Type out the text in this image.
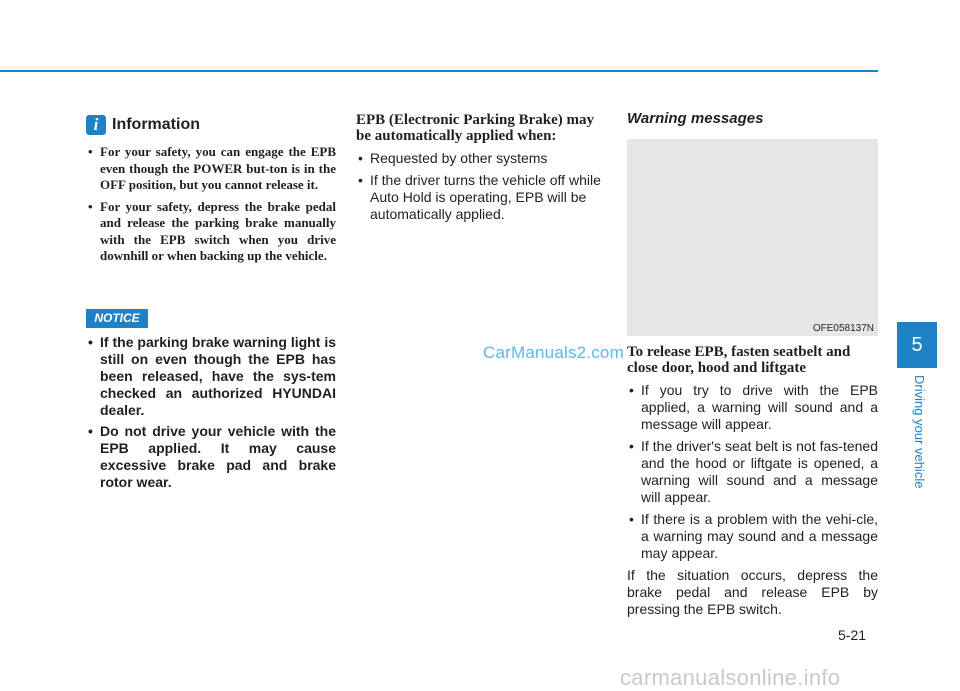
i Information
• For your safety, you can engage the EPB even though the POWER but-ton is in the OFF position, but you cannot release it.
• For your safety, depress the brake pedal and release the parking brake manually with the EPB switch when you drive downhill or when backing up the vehicle.
NOTICE
• If the parking brake warning light is still on even though the EPB has been released, have the sys-tem checked an authorized HYUNDAI dealer.
• Do not drive your vehicle with the EPB applied. It may cause excessive brake pad and brake rotor wear.
EPB (Electronic Parking Brake) may be automatically applied when:
• Requested by other systems
• If the driver turns the vehicle off while Auto Hold is operating, EPB will be automatically applied.
CarManuals2.com
Warning messages
OFE058137N
To release EPB, fasten seatbelt and close door, hood and liftgate
• If you try to drive with the EPB applied, a warning will sound and a message will appear.
• If the driver's seat belt is not fas-tened and the hood or liftgate is opened, a warning will sound and a message will appear.
• If there is a problem with the vehi-cle, a warning may sound and a message may appear.

If the situation occurs, depress the brake pedal and release EPB by pressing the EPB switch.

5
Driving your vehicle
5-21
carmanualsonline.info
